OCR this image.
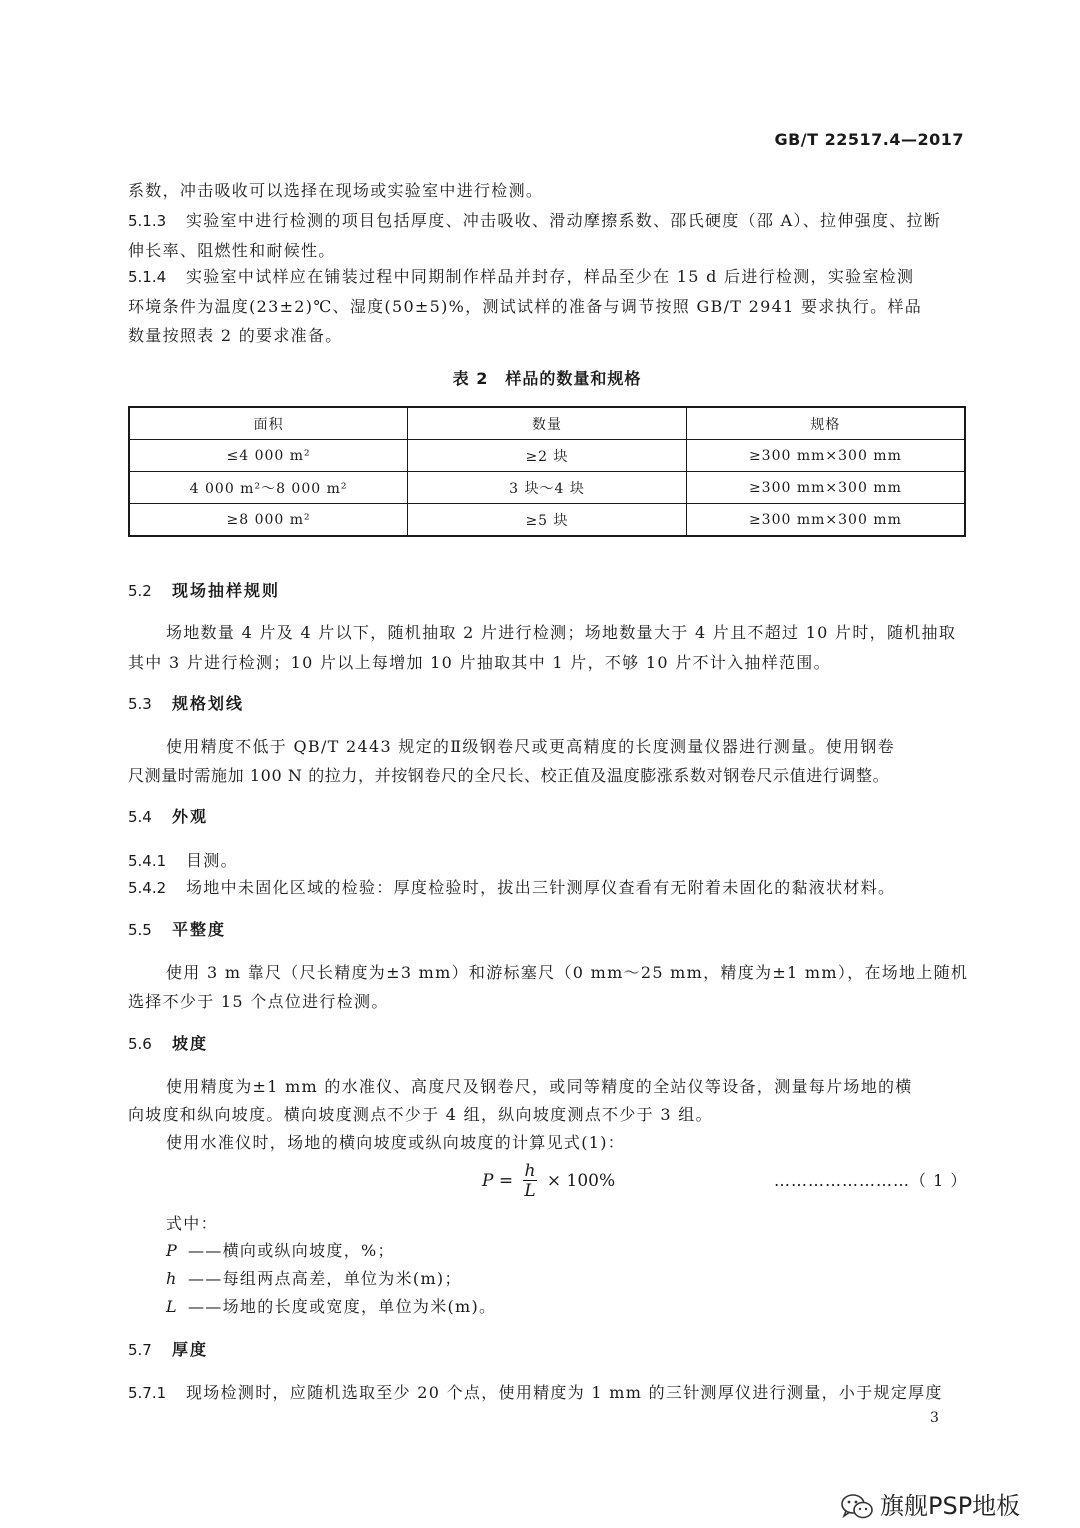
GB/T 22517.4—2017
系数，冲击吸收可以选择在现场或实验室中进行检测。
5.1.3 实验室中进行检测的项目包括厚度、冲击吸收、滑动摩擦系数、邵氏硬度（邵 A）、拉伸强度、拉断
伸长率、阻燃性和耐候性。
5.1.4 实验室中试样应在铺装过程中同期制作样品并封存，样品至少在 15 d 后进行检测，实验室检测
环境条件为温度(23±2)℃、湿度(50±5)%，测试试样的准备与调节按照 GB/T 2941 要求执行。样品
数量按照表 2 的要求准备。
表 2　样品的数量和规格
面积	数量	规格
≤4 000 m²	≥2 块	≥300 mm×300 mm
4 000 m²～8 000 m²	3 块～4 块	≥300 mm×300 mm
≥8 000 m²	≥5 块	≥300 mm×300 mm
5.2 现场抽样规则
场地数量 4 片及 4 片以下，随机抽取 2 片进行检测；场地数量大于 4 片且不超过 10 片时，随机抽取
其中 3 片进行检测；10 片以上每增加 10 片抽取其中 1 片，不够 10 片不计入抽样范围。
5.3 规格划线
使用精度不低于 QB/T 2443 规定的Ⅱ级钢卷尺或更高精度的长度测量仪器进行测量。使用钢卷
尺测量时需施加 100 N 的拉力，并按钢卷尺的全尺长、校正值及温度膨涨系数对钢卷尺示值进行调整。
5.4 外观
5.4.1 目测。
5.4.2 场地中未固化区域的检验：厚度检验时，拔出三针测厚仪查看有无附着未固化的黏液状材料。
5.5 平整度
使用 3 m 靠尺（尺长精度为±3 mm）和游标塞尺（0 mm～25 mm，精度为±1 mm），在场地上随机
选择不少于 15 个点位进行检测。
5.6 坡度
使用精度为±1 mm 的水准仪、高度尺及钢卷尺，或同等精度的全站仪等设备，测量每片场地的横
向坡度和纵向坡度。横向坡度测点不少于 4 组，纵向坡度测点不少于 3 组。
使用水准仪时，场地的横向坡度或纵向坡度的计算见式(1)：
$P = \frac{h}{L} \times 100\%$	……………………（ 1 ）
式中：
P ——横向或纵向坡度，%；
h ——每组两点高差，单位为米(m)；
L ——场地的长度或宽度，单位为米(m)。
5.7 厚度
5.7.1 现场检测时，应随机选取至少 20 个点，使用精度为 1 mm 的三针测厚仪进行测量，小于规定厚度
3
旗舰PSP地板
